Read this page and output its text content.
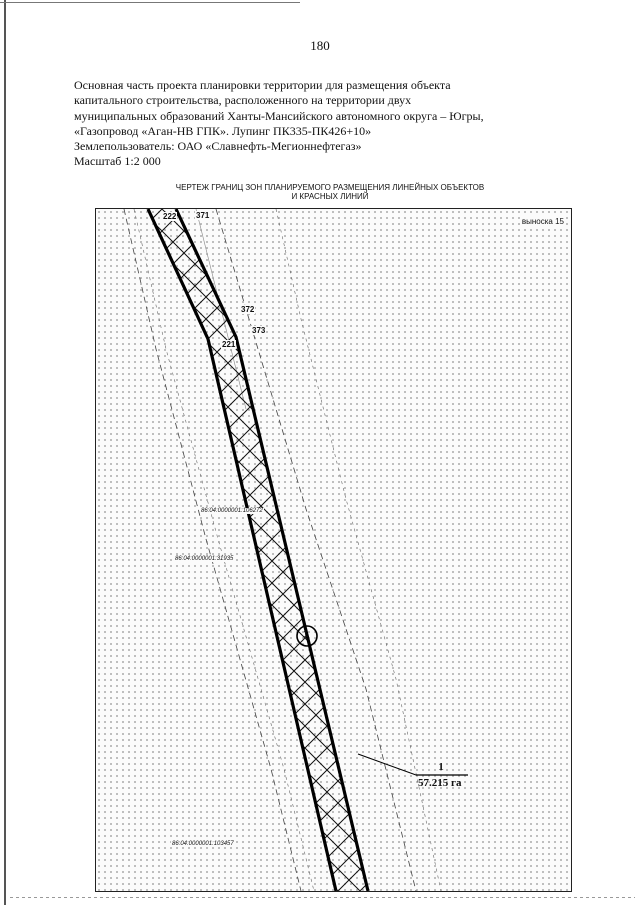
180
Основная часть проекта планировки территории для размещения объекта
капитального строительства, расположенного на территории двух
муниципальных образований Ханты-Мансийского автономного округа – Югры,
«Газопровод «Аган-НВ ГПК». Лупинг ПК335-ПК426+10»
Землепользователь: ОАО «Славнефть-Мегионнефтегаз»
Масштаб 1:2 000
ЧЕРТЕЖ ГРАНИЦ ЗОН ПЛАНИРУЕМОГО РАЗМЕЩЕНИЯ ЛИНЕЙНЫХ ОБЪЕКТОВ
И КРАСНЫХ ЛИНИЙ
выноска 15
222 371
372
373
221
86:04:0000001:106272
86:04:0000001:31935
86:04:0000001:103457
1
1
57.215 га
